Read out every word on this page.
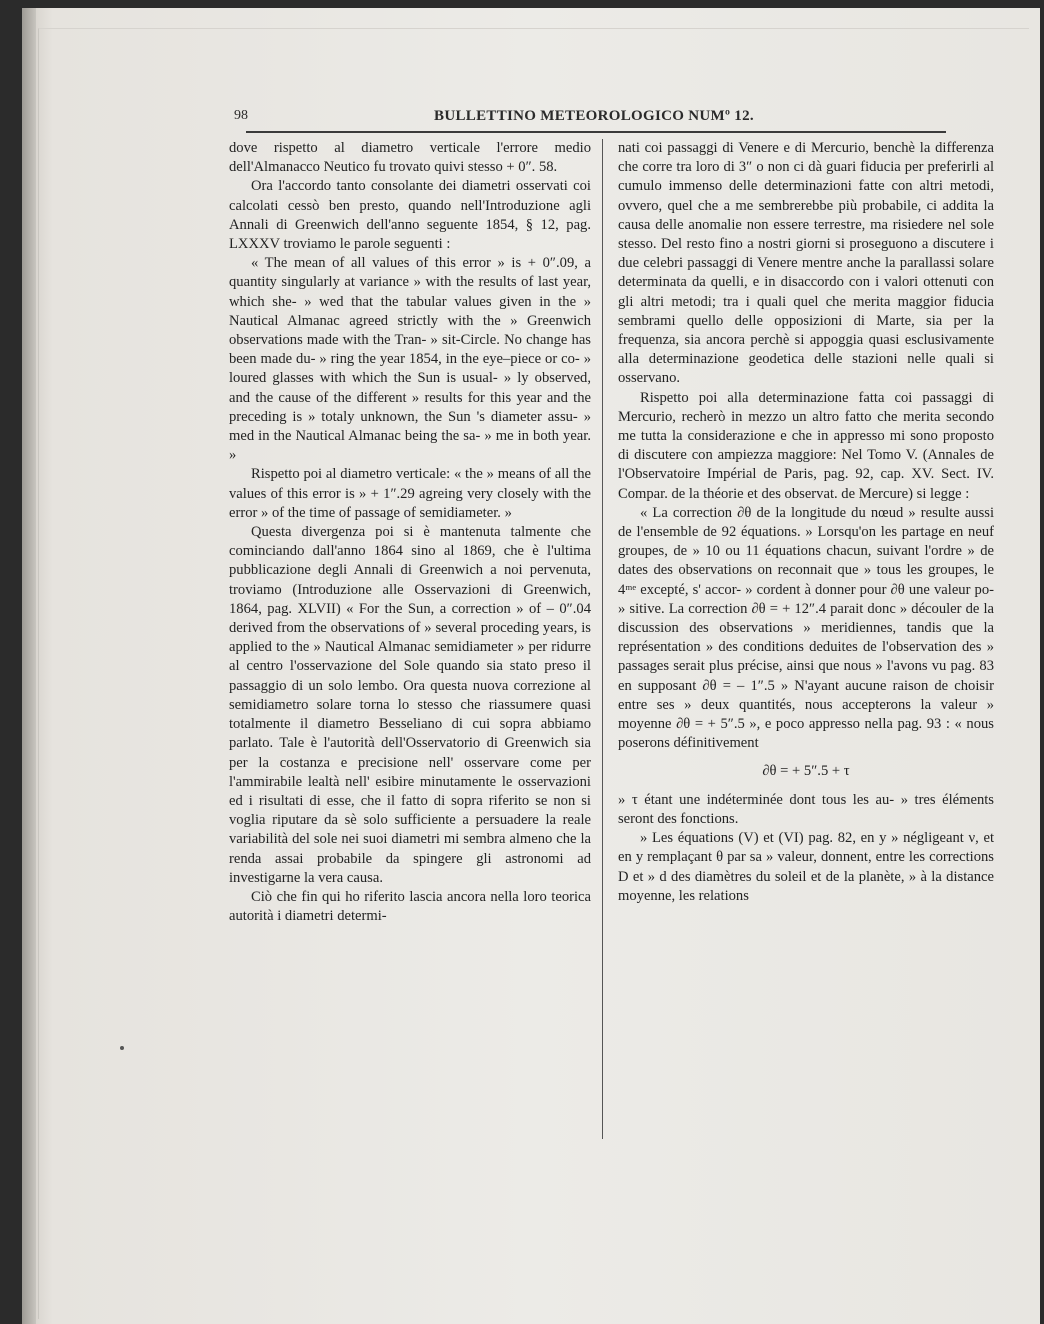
98	BULLETTINO METEOROLOGICO NUMº 12.

dove rispetto al diametro verticale l'errore medio dell'Almanacco Neutico fu trovato quivi stesso + 0″. 58.

Ora l'accordo tanto consolante dei diametri osservati coi calcolati cessò ben presto, quando nell'Introduzione agli Annali di Greenwich dell'anno seguente 1854, § 12, pag. LXXXV troviamo le parole seguenti :

« The mean of all values of this error » is + 0″.09, a quantity singularly at variance » with the results of last year, which she- » wed that the tabular values given in the » Nautical Almanac agreed strictly with the » Greenwich observations made with the Tran- » sit-Circle. No change has been made du- » ring the year 1854, in the eye–piece or co- » loured glasses with which the Sun is usual- » ly observed, and the cause of the different » results for this year and the preceding is » totaly unknown, the Sun 's diameter assu- » med in the Nautical Almanac being the sa- » me in both year. »

Rispetto poi al diametro verticale: « the » means of all the values of this error is » + 1″.29 agreing very closely with the error » of the time of passage of semidiameter. »

Questa divergenza poi si è mantenuta talmente che cominciando dall'anno 1864 sino al 1869, che è l'ultima pubblicazione degli Annali di Greenwich a noi pervenuta, troviamo (Introduzione alle Osservazioni di Greenwich, 1864, pag. XLVII) « For the Sun, a correction » of – 0″.04 derived from the observations of » several proceding years, is applied to the » Nautical Almanac semidiameter » per ridurre al centro l'osservazione del Sole quando sia stato preso il passaggio di un solo lembo. Ora questa nuova correzione al semidiametro solare torna lo stesso che riassumere quasi totalmente il diametro Besseliano di cui sopra abbiamo parlato. Tale è l'autorità dell'Osservatorio di Greenwich sia per la costanza e precisione nell' osservare come per l'ammirabile lealtà nell' esibire minutamente le osservazioni ed i risultati di esse, che il fatto di sopra riferito se non si voglia riputare da sè solo sufficiente a persuadere la reale variabilità del sole nei suoi diametri mi sembra almeno che la renda assai probabile da spingere gli astronomi ad investigarne la vera causa.

Ciò che fin qui ho riferito lascia ancora nella loro teorica autorità i diametri determi-

nati coi passaggi di Venere e di Mercurio, benchè la differenza che corre tra loro di 3″ o non ci dà guari fiducia per preferirli al cumulo immenso delle determinazioni fatte con altri metodi, ovvero, quel che a me sembrerebbe più probabile, ci addita la causa delle anomalie non essere terrestre, ma risiedere nel sole stesso. Del resto fino a nostri giorni si proseguono a discutere i due celebri passaggi di Venere mentre anche la parallassi solare determinata da quelli, e in disaccordo con i valori ottenuti con gli altri metodi; tra i quali quel che merita maggior fiducia sembrami quello delle opposizioni di Marte, sia per la frequenza, sia ancora perchè si appoggia quasi esclusivamente alla determinazione geodetica delle stazioni nelle quali si osservano.

Rispetto poi alla determinazione fatta coi passaggi di Mercurio, recherò in mezzo un altro fatto che merita secondo me tutta la considerazione e che in appresso mi sono proposto di discutere con ampiezza maggiore: Nel Tomo V. (Annales de l'Observatoire Impérial de Paris, pag. 92, cap. XV. Sect. IV. Compar. de la théorie et des observat. de Mercure) si legge :

« La correction ∂θ de la longitude du nœud » resulte aussi de l'ensemble de 92 équations. » Lorsqu'on les partage en neuf groupes, de » 10 ou 11 équations chacun, suivant l'ordre » de dates des observations on reconnait que » tous les groupes, le 4ᵐᵉ excepté, s' accor- » cordent à donner pour ∂θ une valeur po- » sitive. La correction ∂θ = + 12″.4 parait donc » découler de la discussion des observations » meridiennes, tandis que la représentation » des conditions deduites de l'observation des » passages serait plus précise, ainsi que nous » l'avons vu pag. 83 en supposant ∂θ = – 1″.5 » N'ayant aucune raison de choisir entre ses » deux quantités, nous accepterons la valeur » moyenne ∂θ = + 5″.5 », e poco appresso nella pag. 93 : « nous poserons définitivement

∂θ = + 5″.5 + τ

» τ étant une indéterminée dont tous les au- » tres éléments seront des fonctions.

» Les équations (V) et (VI) pag. 82, en y » négligeant ν, et en y remplaçant θ par sa » valeur, donnent, entre les corrections D et » d des diamètres du soleil et de la planète, » à la distance moyenne, les relations
